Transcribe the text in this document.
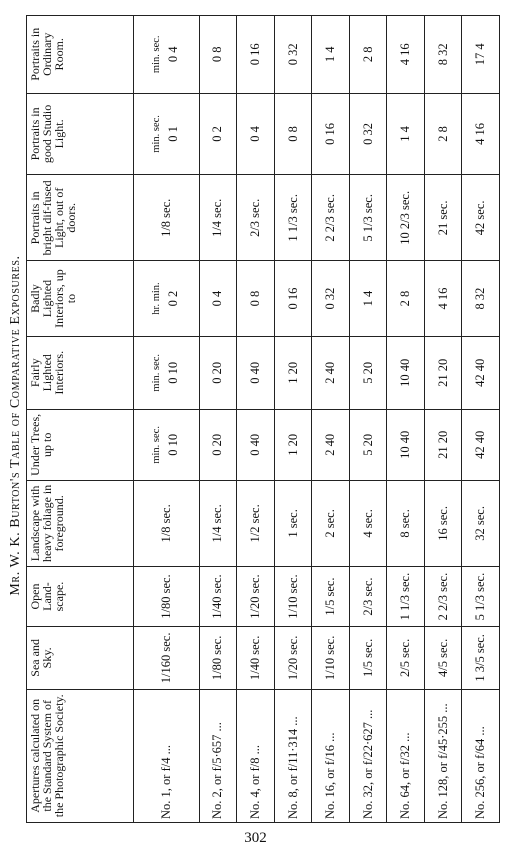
Mr. W. K. Burton's Table of Comparative Exposures.
Apertures calculated on the Standard System of the Photographic Society.	Sea and Sky.	Open Land-scape.	Landscape with heavy foliage in foreground.	Under Trees, up to	Fairly Lighted Interiors.	Badly Lighted Interiors, up to	Portraits in bright dif-fused Light, out of doors.	Portraits in good Studio Light.	Portraits in Ordinary Room.

No. 1, or f/4 ...	1/160 sec.	1/80 sec.	1/8 sec.	min. sec. 0 10	min. sec. 0 10	hr. min. 0 2	1/8 sec.	min. sec. 0 1	min. sec. 0 4

No. 2, or f/5·657 ...	1/80 sec.	1/40 sec.	1/4 sec.	0 20	0 20	0 4	1/4 sec.	0 2	0 8

No. 4, or f/8 ...	1/40 sec.	1/20 sec.	1/2 sec.	0 40	0 40	0 8	2/3 sec.	0 4	0 16

No. 8, or f/11·314 ...	1/20 sec.	1/10 sec.	1 sec.	1 20	1 20	0 16	1 1/3 sec.	0 8	0 32

No. 16, or f/16 ...	1/10 sec.	1/5 sec.	2 sec.	2 40	2 40	0 32	2 2/3 sec.	0 16	1 4

No. 32, or f/22·627 ...	1/5 sec.	2/3 sec.	4 sec.	5 20	5 20	1 4	5 1/3 sec.	0 32	2 8

No. 64, or f/32 ...	2/5 sec.	1 1/3 sec.	8 sec.	10 40	10 40	2 8	10 2/3 sec.	1 4	4 16

No. 128, or f/45·255 ...	4/5 sec.	2 2/3 sec.	16 sec.	21 20	21 20	4 16	21 sec.	2 8	8 32

No. 256, or f/64 ...	1 3/5 sec.	5 1/3 sec.	32 sec.	42 40	42 40	8 32	42 sec.	4 16	17 4
302
